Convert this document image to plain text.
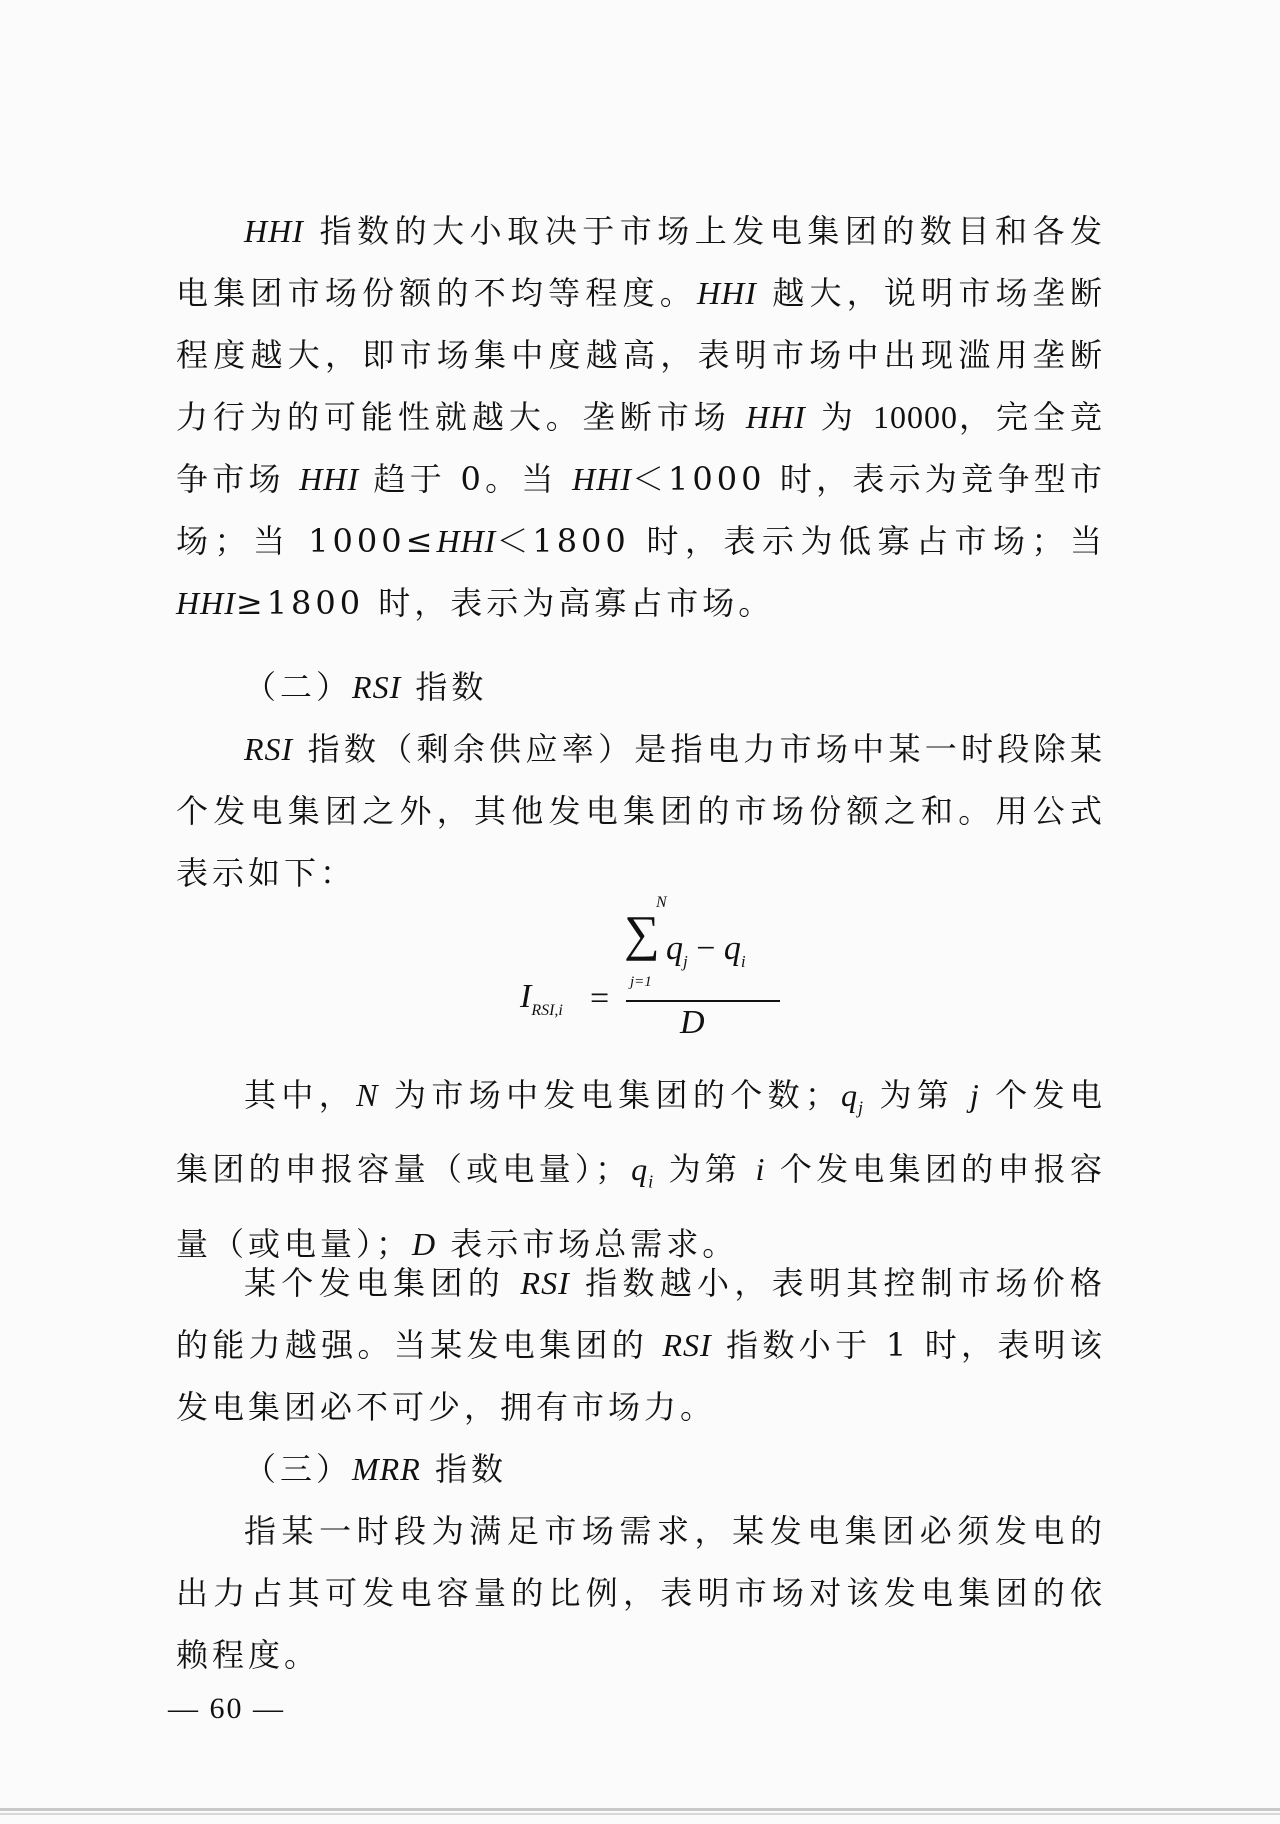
HHI 指数的大小取决于市场上发电集团的数目和各发电集团市场份额的不均等程度。HHI 越大，说明市场垄断程度越大，即市场集中度越高，表明市场中出现滥用垄断力行为的可能性就越大。垄断市场 HHI 为 10000，完全竞争市场 HHI 趋于 0。当 HHI＜1000 时，表示为竞争型市场；当 1000≤HHI＜1800 时，表示为低寡占市场；当 HHI≥1800 时，表示为高寡占市场。
（二）RSI 指数
RSI 指数（剩余供应率）是指电力市场中某一时段除某个发电集团之外，其他发电集团的市场份额之和。用公式表示如下：
N
∑
j=1
$q_j - q_i$
$I_{RSI,i}$ =
D
其中，N 为市场中发电集团的个数；$q_j$ 为第 j 个发电集团的申报容量（或电量）；$q_i$ 为第 i 个发电集团的申报容量（或电量）；D 表示市场总需求。
某个发电集团的 RSI 指数越小，表明其控制市场价格的能力越强。当某发电集团的 RSI 指数小于 1 时，表明该发电集团必不可少，拥有市场力。
（三）MRR 指数
指某一时段为满足市场需求，某发电集团必须发电的出力占其可发电容量的比例，表明市场对该发电集团的依赖程度。
— 60 —
